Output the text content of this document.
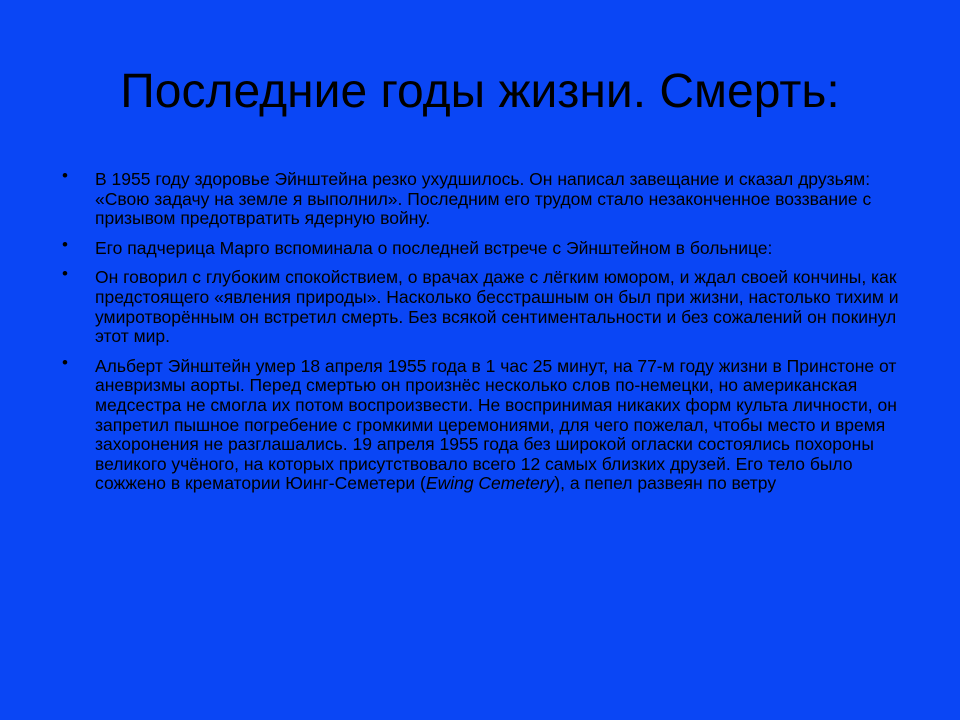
Последние годы жизни. Смерть:
• В 1955 году здоровье Эйнштейна резко ухудшилось. Он написал завещание и сказал друзьям: «Свою задачу на земле я выполнил». Последним его трудом стало незаконченное воззвание с призывом предотвратить ядерную войну.
• Его падчерица Марго вспоминала о последней встрече с Эйнштейном в больнице:
• Он говорил с глубоким спокойствием, о врачах даже с лёгким юмором, и ждал своей кончины, как предстоящего «явления природы». Насколько бесстрашным он был при жизни, настолько тихим и умиротворённым он встретил смерть. Без всякой сентиментальности и без сожалений он покинул этот мир.
• Альберт Эйнштейн умер 18 апреля 1955 года в 1 час 25 минут, на 77-м году жизни в Принстоне от аневризмы аорты. Перед смертью он произнёс несколько слов по-немецки, но американская медсестра не смогла их потом воспроизвести. Не воспринимая никаких форм культа личности, он запретил пышное погребение с громкими церемониями, для чего пожелал, чтобы место и время захоронения не разглашались. 19 апреля 1955 года без широкой огласки состоялись похороны великого учёного, на которых присутствовало всего 12 самых близких друзей. Его тело было сожжено в крематории Юинг-Семетери (Ewing Cemetery), а пепел развеян по ветру
